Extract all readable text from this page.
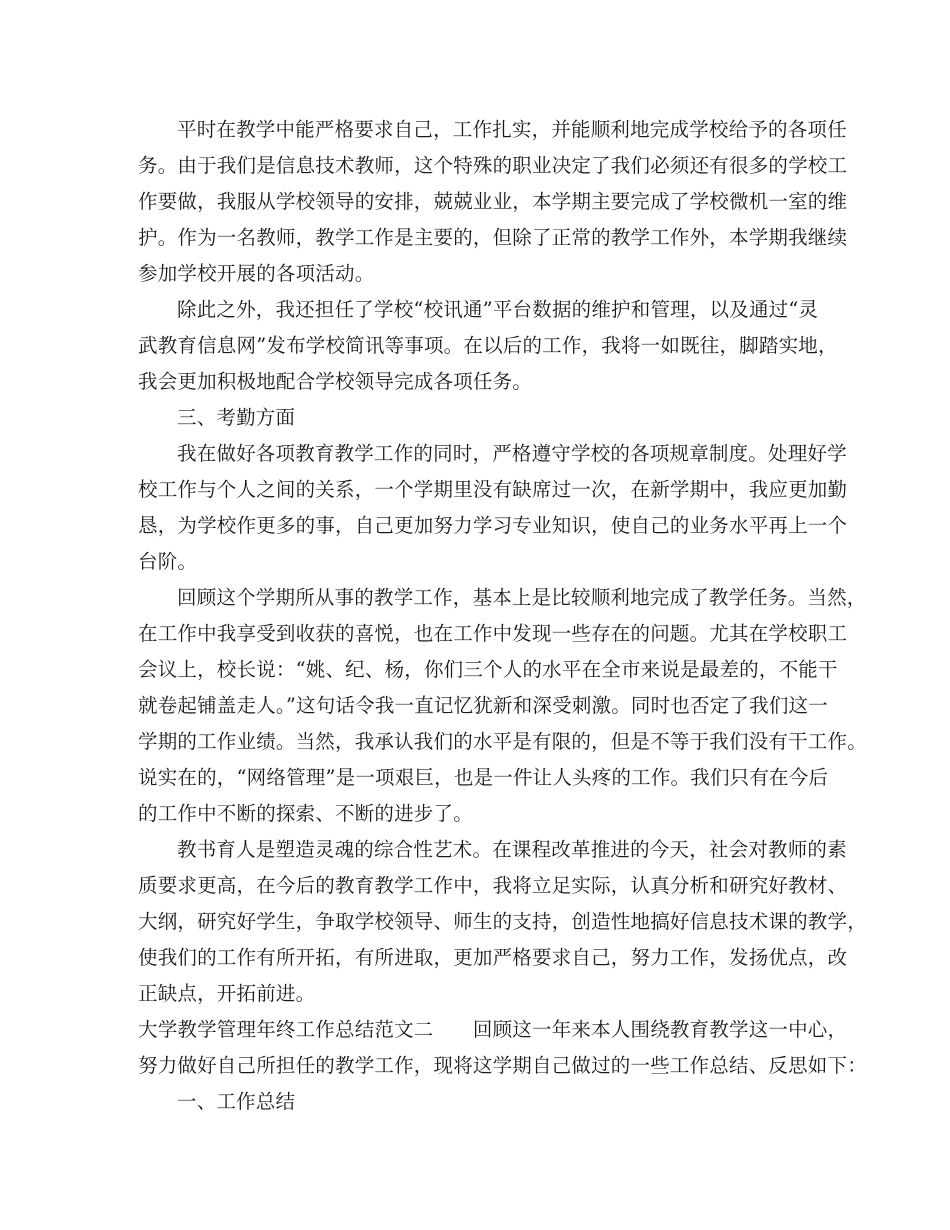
平时在教学中能严格要求自己，工作扎实，并能顺利地完成学校给予的各项任
务。由于我们是信息技术教师，这个特殊的职业决定了我们必须还有很多的学校工
作要做，我服从学校领导的安排，兢兢业业，本学期主要完成了学校微机一室的维
护。作为一名教师，教学工作是主要的，但除了正常的教学工作外，本学期我继续
参加学校开展的各项活动。
除此之外，我还担任了学校“校讯通”平台数据的维护和管理，以及通过“灵
武教育信息网”发布学校简讯等事项。在以后的工作，我将一如既往，脚踏实地，
我会更加积极地配合学校领导完成各项任务。
三、考勤方面
我在做好各项教育教学工作的同时，严格遵守学校的各项规章制度。处理好学
校工作与个人之间的关系，一个学期里没有缺席过一次，在新学期中，我应更加勤
恳，为学校作更多的事，自己更加努力学习专业知识，使自己的业务水平再上一个
台阶。
回顾这个学期所从事的教学工作，基本上是比较顺利地完成了教学任务。当然，
在工作中我享受到收获的喜悦，也在工作中发现一些存在的问题。尤其在学校职工
会议上，校长说：“姚、纪、杨，你们三个人的水平在全市来说是最差的，不能干
就卷起铺盖走人。”这句话令我一直记忆犹新和深受刺激。同时也否定了我们这一
学期的工作业绩。当然，我承认我们的水平是有限的，但是不等于我们没有干工作。
说实在的，“网络管理”是一项艰巨，也是一件让人头疼的工作。我们只有在今后
的工作中不断的探索、不断的进步了。
教书育人是塑造灵魂的综合性艺术。在课程改革推进的今天，社会对教师的素
质要求更高，在今后的教育教学工作中，我将立足实际，认真分析和研究好教材、
大纲，研究好学生，争取学校领导、师生的支持，创造性地搞好信息技术课的教学，
使我们的工作有所开拓，有所进取，更加严格要求自己，努力工作，发扬优点，改
正缺点，开拓前进。
大学教学管理年终工作总结范文二　　回顾这一年来本人围绕教育教学这一中心，
努力做好自己所担任的教学工作，现将这学期自己做过的一些工作总结、反思如下：
一、工作总结
